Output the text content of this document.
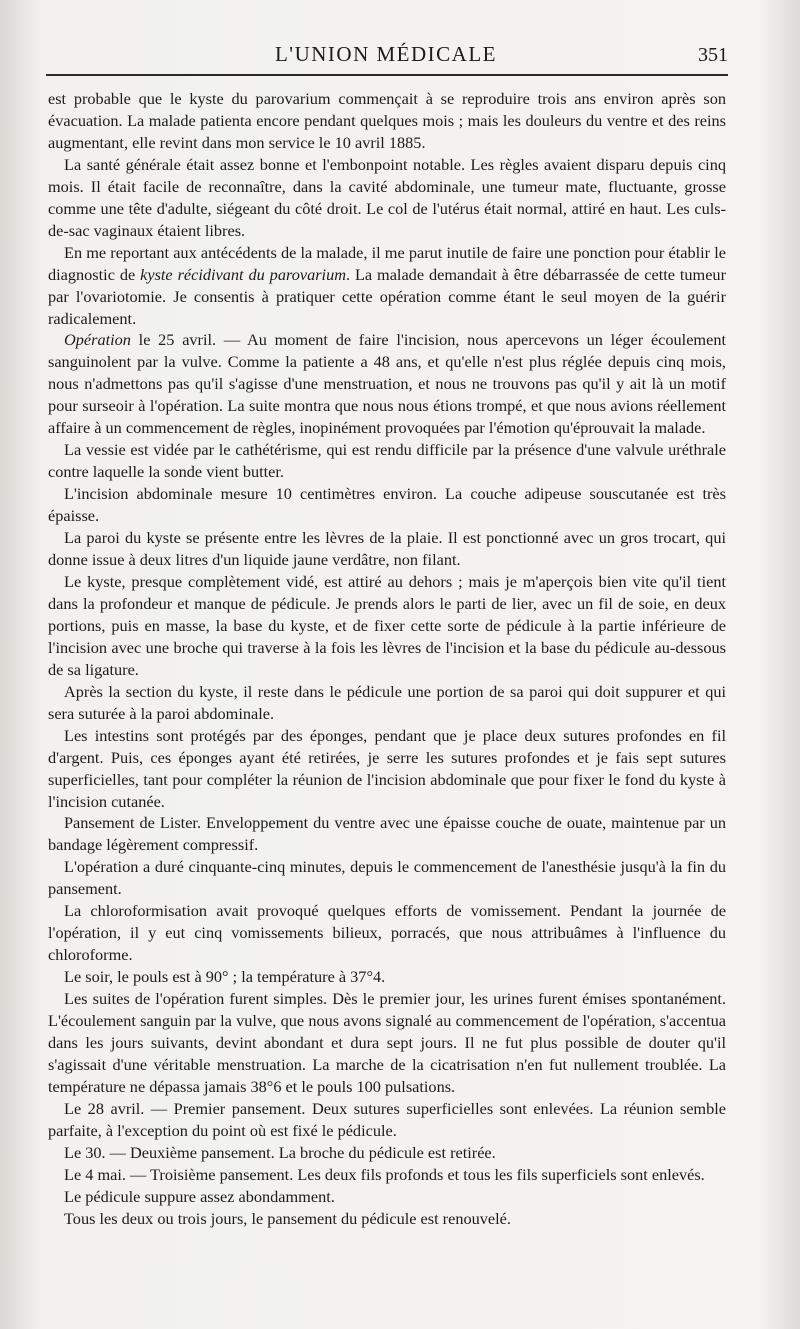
L'UNION MÉDICALE	351

est probable que le kyste du parovarium commençait à se reproduire trois ans environ après son évacuation. La malade patienta encore pendant quelques mois ; mais les douleurs du ventre et des reins augmentant, elle revint dans mon service le 10 avril 1885.

La santé générale était assez bonne et l'embonpoint notable. Les règles avaient disparu depuis cinq mois. Il était facile de reconnaître, dans la cavité abdominale, une tumeur mate, fluctuante, grosse comme une tête d'adulte, siégeant du côté droit. Le col de l'utérus était normal, attiré en haut. Les culs-de-sac vaginaux étaient libres.

En me reportant aux antécédents de la malade, il me parut inutile de faire une ponction pour établir le diagnostic de kyste récidivant du parovarium. La malade demandait à être débarrassée de cette tumeur par l'ovariotomie. Je consentis à pratiquer cette opération comme étant le seul moyen de la guérir radicalement.

Opération le 25 avril. — Au moment de faire l'incision, nous apercevons un léger écoulement sanguinolent par la vulve. Comme la patiente a 48 ans, et qu'elle n'est plus réglée depuis cinq mois, nous n'admettons pas qu'il s'agisse d'une menstruation, et nous ne trouvons pas qu'il y ait là un motif pour surseoir à l'opération. La suite montra que nous nous étions trompé, et que nous avions réellement affaire à un commencement de règles, inopinément provoquées par l'émotion qu'éprouvait la malade.

La vessie est vidée par le cathétérisme, qui est rendu difficile par la présence d'une valvule uréthrale contre laquelle la sonde vient butter.

L'incision abdominale mesure 10 centimètres environ. La couche adipeuse souscutanée est très épaisse.

La paroi du kyste se présente entre les lèvres de la plaie. Il est ponctionné avec un gros trocart, qui donne issue à deux litres d'un liquide jaune verdâtre, non filant.

Le kyste, presque complètement vidé, est attiré au dehors ; mais je m'aperçois bien vite qu'il tient dans la profondeur et manque de pédicule. Je prends alors le parti de lier, avec un fil de soie, en deux portions, puis en masse, la base du kyste, et de fixer cette sorte de pédicule à la partie inférieure de l'incision avec une broche qui traverse à la fois les lèvres de l'incision et la base du pédicule au-dessous de sa ligature.

Après la section du kyste, il reste dans le pédicule une portion de sa paroi qui doit suppurer et qui sera suturée à la paroi abdominale.

Les intestins sont protégés par des éponges, pendant que je place deux sutures profondes en fil d'argent. Puis, ces éponges ayant été retirées, je serre les sutures profondes et je fais sept sutures superficielles, tant pour compléter la réunion de l'incision abdominale que pour fixer le fond du kyste à l'incision cutanée.

Pansement de Lister. Enveloppement du ventre avec une épaisse couche de ouate, maintenue par un bandage légèrement compressif.

L'opération a duré cinquante-cinq minutes, depuis le commencement de l'anesthésie jusqu'à la fin du pansement.

La chloroformisation avait provoqué quelques efforts de vomissement. Pendant la journée de l'opération, il y eut cinq vomissements bilieux, porracés, que nous attribuâmes à l'influence du chloroforme.

Le soir, le pouls est à 90° ; la température à 37°4.

Les suites de l'opération furent simples. Dès le premier jour, les urines furent émises spontanément. L'écoulement sanguin par la vulve, que nous avons signalé au commencement de l'opération, s'accentua dans les jours suivants, devint abondant et dura sept jours. Il ne fut plus possible de douter qu'il s'agissait d'une véritable menstruation. La marche de la cicatrisation n'en fut nullement troublée. La température ne dépassa jamais 38°6 et le pouls 100 pulsations.

Le 28 avril. — Premier pansement. Deux sutures superficielles sont enlevées. La réunion semble parfaite, à l'exception du point où est fixé le pédicule.

Le 30. — Deuxième pansement. La broche du pédicule est retirée.

Le 4 mai. — Troisième pansement. Les deux fils profonds et tous les fils superficiels sont enlevés.

Le pédicule suppure assez abondamment.

Tous les deux ou trois jours, le pansement du pédicule est renouvelé.
